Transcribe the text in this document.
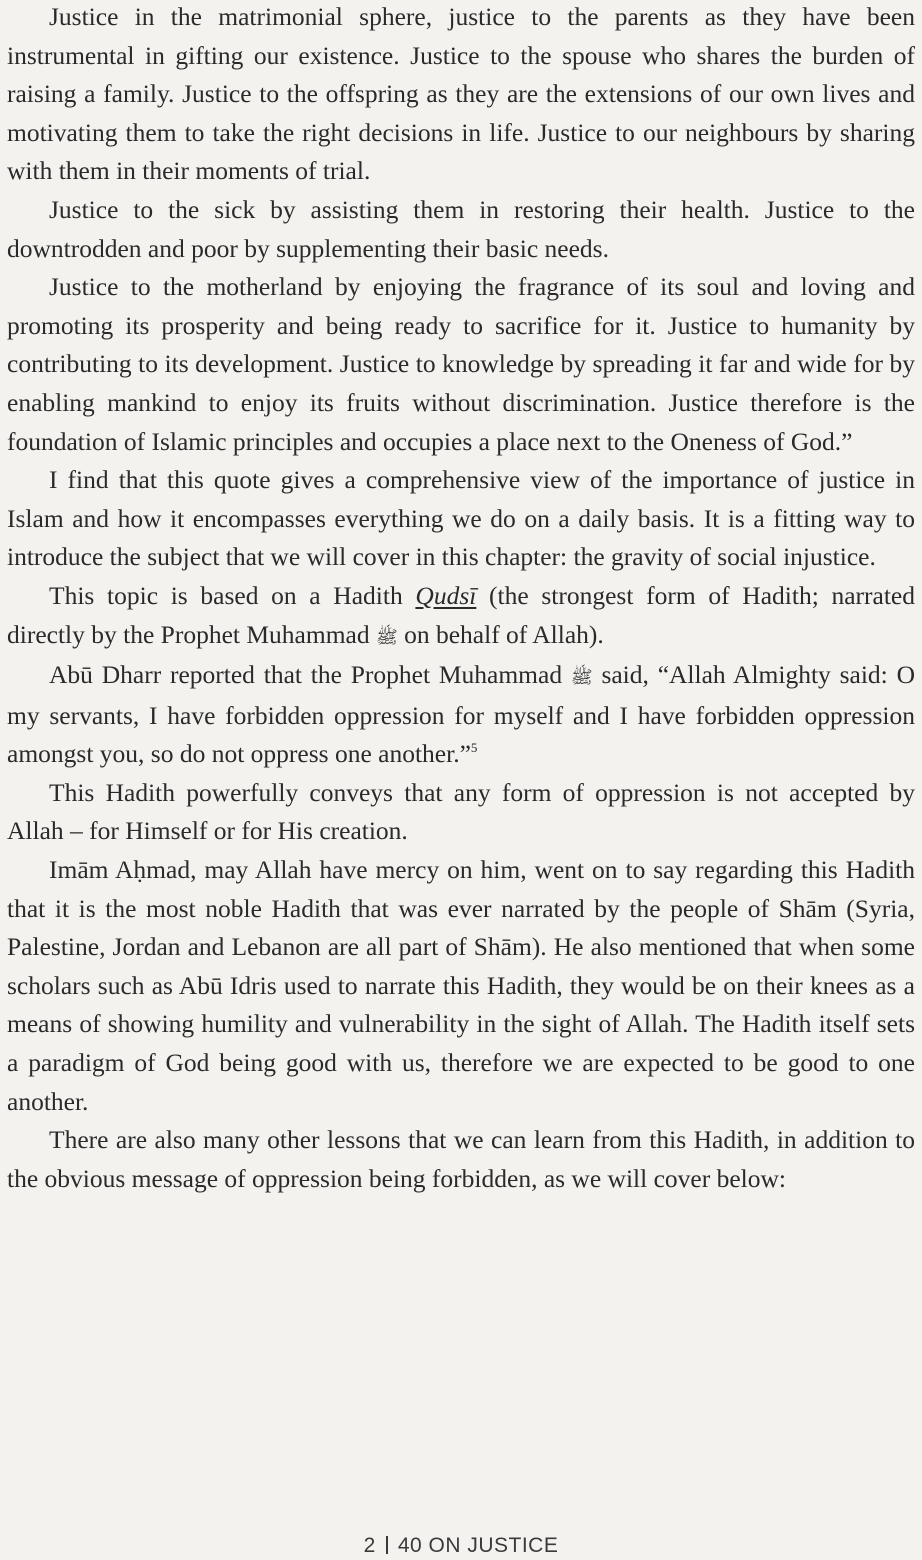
Justice in the matrimonial sphere, justice to the parents as they have been instrumental in gifting our existence. Justice to the spouse who shares the burden of raising a family. Justice to the offspring as they are the extensions of our own lives and motivating them to take the right decisions in life. Justice to our neighbours by sharing with them in their moments of trial.

Justice to the sick by assisting them in restoring their health. Justice to the downtrodden and poor by supplementing their basic needs.

Justice to the motherland by enjoying the fragrance of its soul and loving and promoting its prosperity and being ready to sacrifice for it. Justice to humanity by contributing to its development. Justice to knowledge by spreading it far and wide for by enabling mankind to enjoy its fruits without discrimination. Justice therefore is the foundation of Islamic principles and occupies a place next to the Oneness of God.”

I find that this quote gives a comprehensive view of the importance of justice in Islam and how it encompasses everything we do on a daily basis. It is a fitting way to introduce the subject that we will cover in this chapter: the gravity of social injustice.

This topic is based on a Hadith Qudsī (the strongest form of Hadith; narrated directly by the Prophet Muhammad ﷺ on behalf of Allah).

Abū Dharr reported that the Prophet Muhammad ﷺ said, “Allah Almighty said: O my servants, I have forbidden oppression for myself and I have forbidden oppression amongst you, so do not oppress one another.”$^5$

This Hadith powerfully conveys that any form of oppression is not accepted by Allah – for Himself or for His creation.

Imām Aḥmad, may Allah have mercy on him, went on to say regarding this Hadith that it is the most noble Hadith that was ever narrated by the people of Shām (Syria, Palestine, Jordan and Lebanon are all part of Shām). He also mentioned that when some scholars such as Abū Idris used to narrate this Hadith, they would be on their knees as a means of showing humility and vulnerability in the sight of Allah. The Hadith itself sets a paradigm of God being good with us, therefore we are expected to be good to one another.

There are also many other lessons that we can learn from this Hadith, in addition to the obvious message of oppression being forbidden, as we will cover below:

2 40 ON JUSTICE
